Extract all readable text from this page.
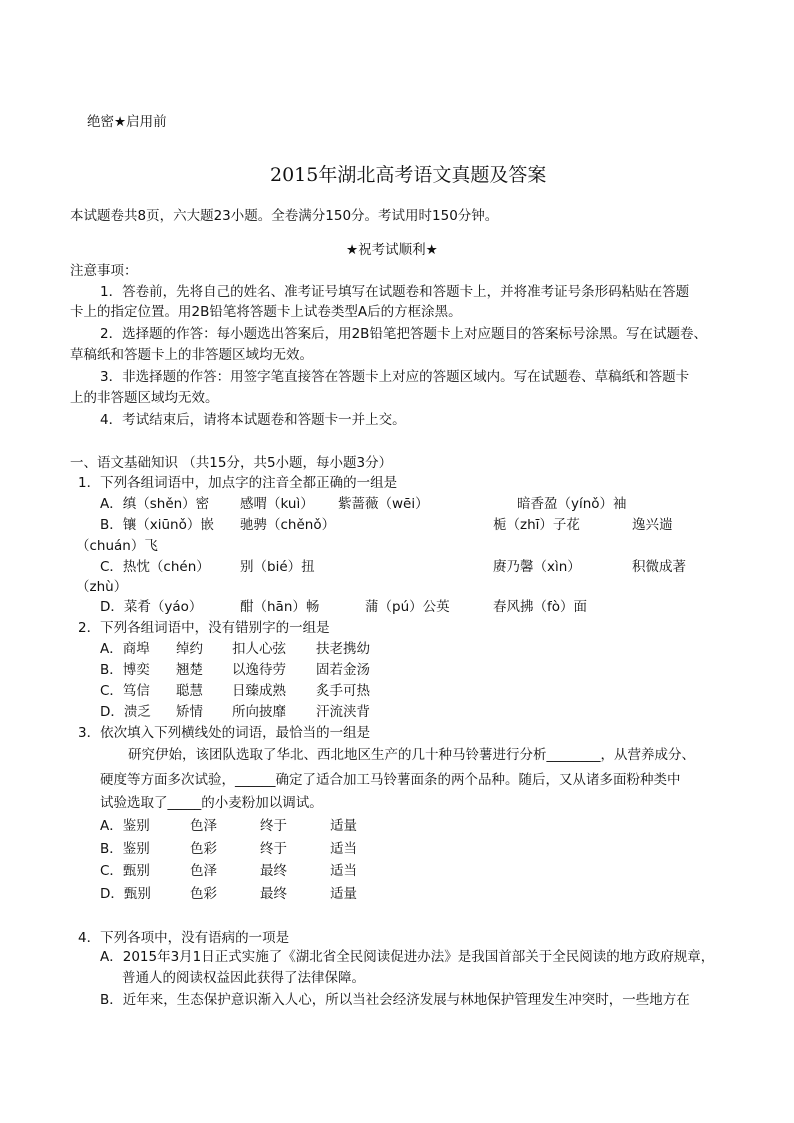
绝密★启用前
2015年湖北高考语文真题及答案
本试题卷共8页，六大题23小题。全卷满分150分。考试用时150分钟。
★祝考试顺利★
注意事项：
1．答卷前，先将自己的姓名、准考证号填写在试题卷和答题卡上，并将准考证号条形码粘贴在答题
卡上的指定位置。用2B铅笔将答题卡上试卷类型A后的方框涂黑。
2．选择题的作答：每小题选出答案后，用2B铅笔把答题卡上对应题目的答案标号涂黑。写在试题卷、
草稿纸和答题卡上的非答题区域均无效。
3．非选择题的作答：用签字笔直接答在答题卡上对应的答题区域内。写在试题卷、草稿纸和答题卡
上的非答题区域均无效。
4．考试结束后，请将本试题卷和答题卡一并上交。
一、语文基础知识 （共15分，共5小题，每小题3分）
1．下列各组词语中，加点字的注音全都正确的一组是
A．缜（shěn）密 感喟（kuì） 紫蔷薇（wēi）	暗香盈（yínǒ）袖
B．镶（xiūnǒ）嵌 驰骋（chěnǒ）	栀（zhī）子花	逸兴遄
（chuán）飞
C．热忱（chén） 别（bié）扭	赓乃馨（xìn）	积微成著
（zhù）
D．菜肴（yáo）	酣（hān）畅	蒲（pú）公英	春风拂（fò）面
2．下列各组词语中，没有错别字的一组是
A．商埠 绰约 扣人心弦 扶老携幼
B．博奕 翘楚 以逸待劳 固若金汤
C．笃信 聪慧 日臻成熟 炙手可热
D．溃乏 矫情 所向披靡 汗流浃背
3．依次填入下列横线处的词语，最恰当的一组是
研究伊始，该团队选取了华北、西北地区生产的几十种马铃薯进行分析________，从营养成分、
硬度等方面多次试验，______确定了适合加工马铃薯面条的两个品种。随后，又从诸多面粉种类中
试验选取了_____的小麦粉加以调试。
A．鉴别	色泽	终于	适量
B．鉴别	色彩	终于	适当
C．甄别	色泽	最终	适当
D．甄别	色彩	最终	适量
4．下列各项中，没有语病的一项是
A．2015年3月1日正式实施了《湖北省全民阅读促进办法》是我国首部关于全民阅读的地方政府规章，
普通人的阅读权益因此获得了法律保障。
B．近年来，生态保护意识渐入人心，所以当社会经济发展与林地保护管理发生冲突时，一些地方在
